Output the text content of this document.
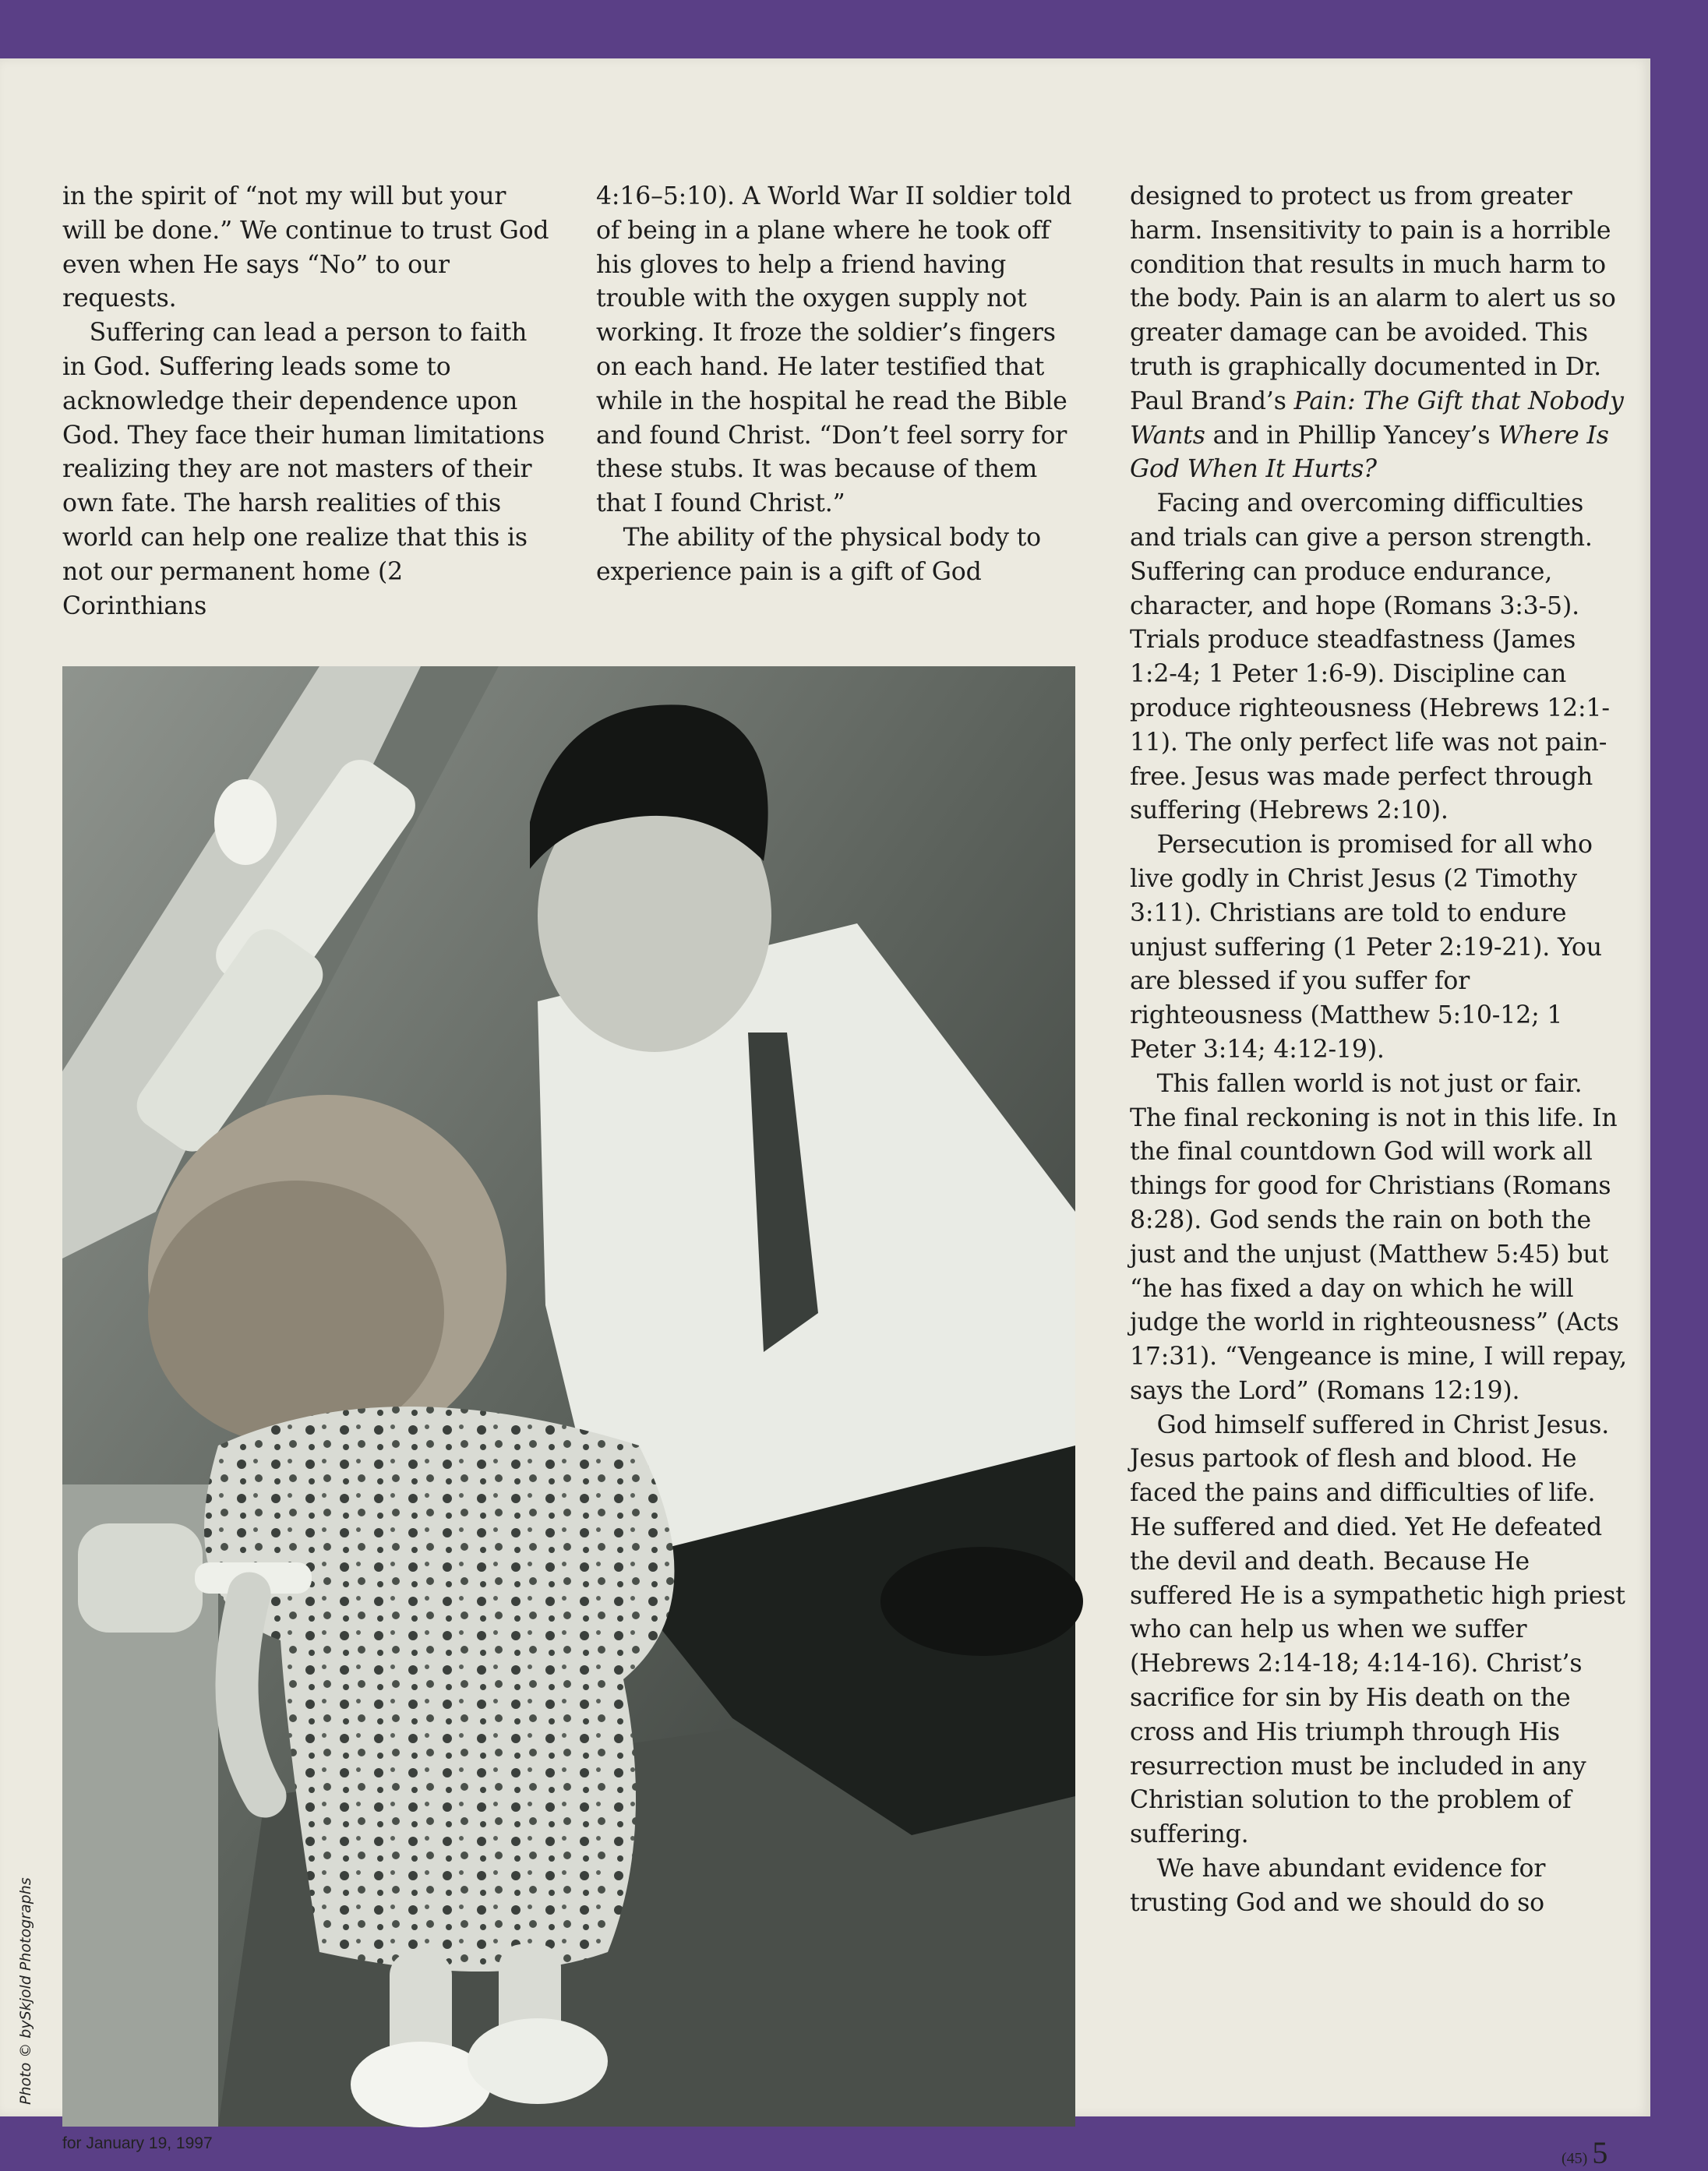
in the spirit of “not my will but your will be done.” We continue to trust God even when He says “No” to our requests.

Suffering can lead a person to faith in God. Suffering leads some to acknowledge their dependence upon God. They face their human limitations realizing they are not masters of their own fate. The harsh realities of this world can help one realize that this is not our permanent home (2 Corinthians

4:16–5:10). A World War II soldier told of being in a plane where he took off his gloves to help a friend having trouble with the oxygen supply not working. It froze the soldier’s fingers on each hand. He later testified that while in the hospital he read the Bible and found Christ. “Don’t feel sorry for these stubs. It was because of them that I found Christ.”

The ability of the physical body to experience pain is a gift of God

designed to protect us from greater harm. Insensitivity to pain is a horrible condition that results in much harm to the body. Pain is an alarm to alert us so greater damage can be avoided. This truth is graphically documented in Dr. Paul Brand’s Pain: The Gift that Nobody Wants and in Phillip Yancey’s Where Is God When It Hurts?

Facing and overcoming difficulties and trials can give a person strength. Suffering can produce endurance, character, and hope (Romans 3:3-5). Trials produce steadfastness (James 1:2-4; 1 Peter 1:6-9). Discipline can produce righteousness (Hebrews 12:1-11). The only perfect life was not pain-free. Jesus was made perfect through suffering (Hebrews 2:10).

Persecution is promised for all who live godly in Christ Jesus (2 Timothy 3:11). Christians are told to endure unjust suffering (1 Peter 2:19-21). You are blessed if you suffer for righteousness (Matthew 5:10-12; 1 Peter 3:14; 4:12-19).

This fallen world is not just or fair. The final reckoning is not in this life. In the final countdown God will work all things for good for Christians (Romans 8:28). God sends the rain on both the just and the unjust (Matthew 5:45) but “he has fixed a day on which he will judge the world in righteousness” (Acts 17:31). “Vengeance is mine, I will repay, says the Lord” (Romans 12:19).

God himself suffered in Christ Jesus. Jesus partook of flesh and blood. He faced the pains and difficulties of life. He suffered and died. Yet He defeated the devil and death. Because He suffered He is a sympathetic high priest who can help us when we suffer (Hebrews 2:14-18; 4:14-16). Christ’s sacrifice for sin by His death on the cross and His triumph through His resurrection must be included in any Christian solution to the problem of suffering.

We have abundant evidence for trusting God and we should do so

Photo © bySkjold Photographs
for January 19, 1997
(45) 5
